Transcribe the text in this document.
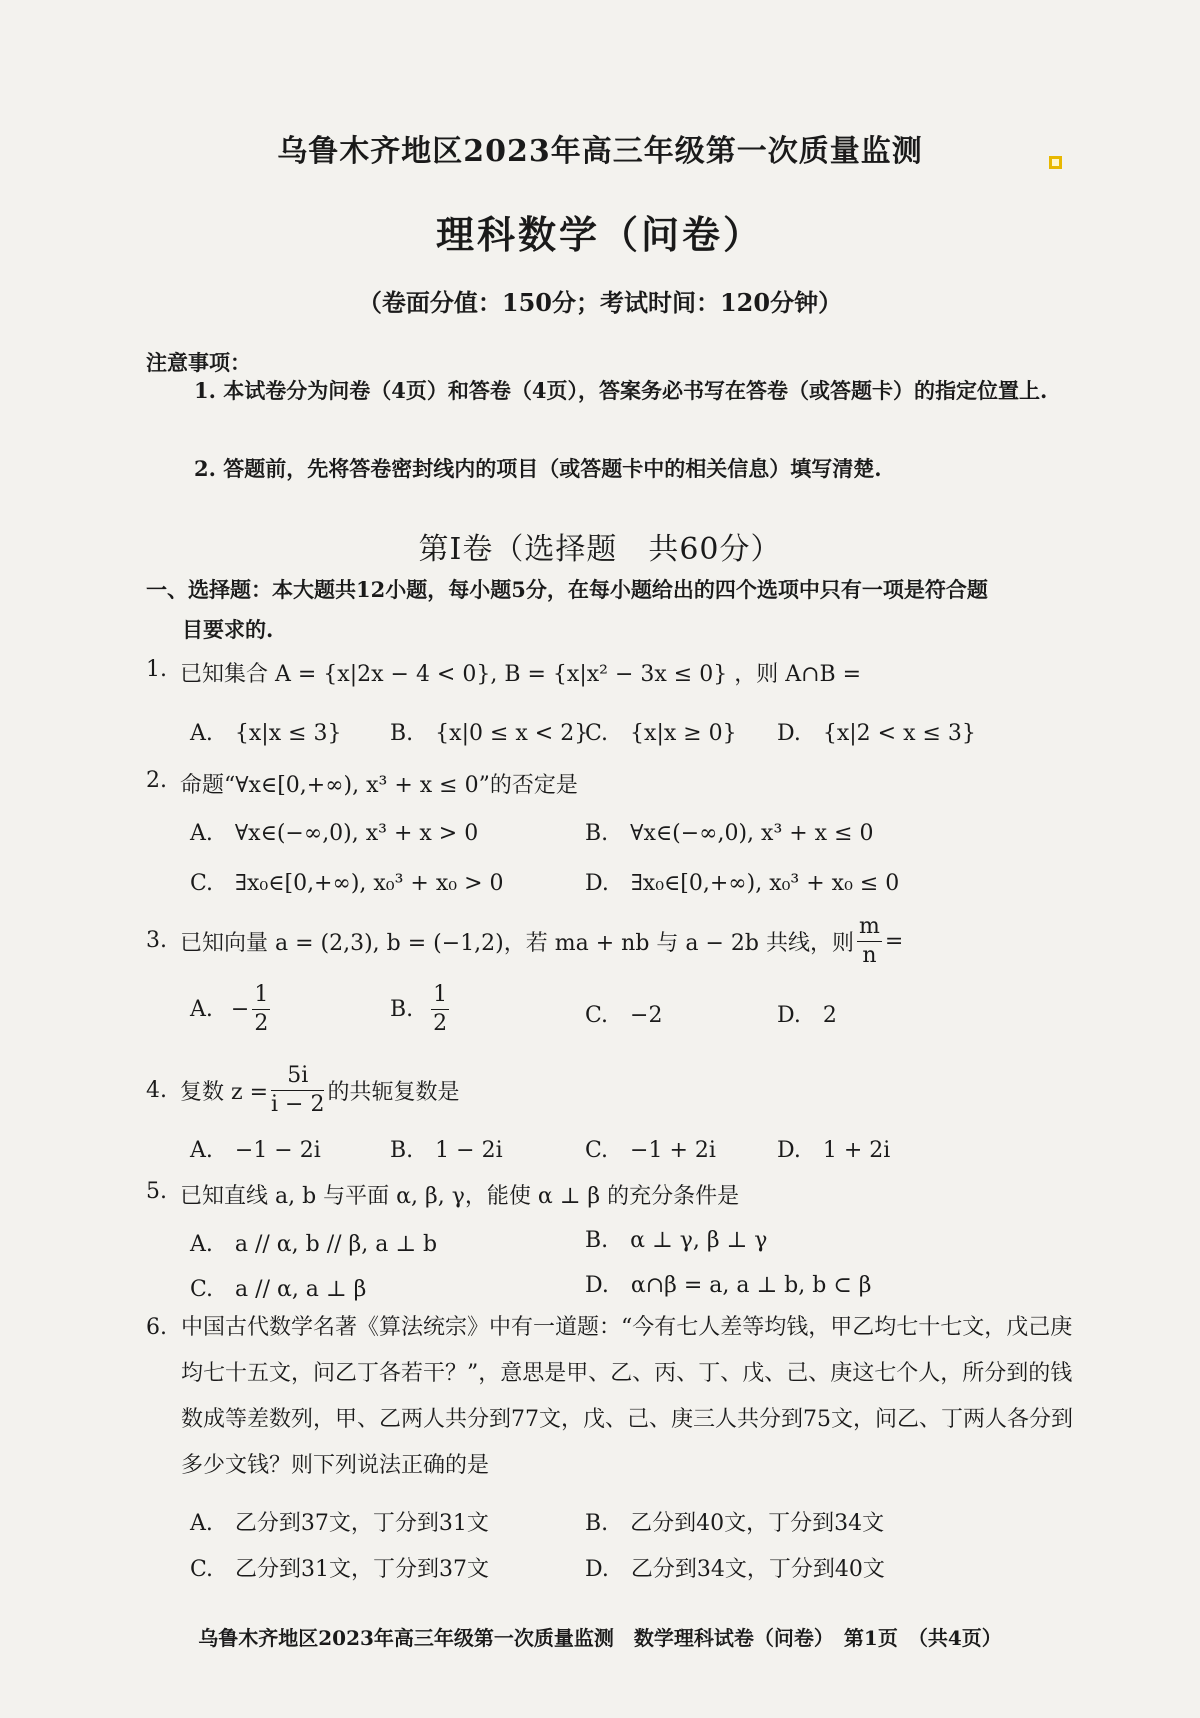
乌鲁木齐地区2023年高三年级第一次质量监测
理科数学（问卷）
（卷面分值：150分；考试时间：120分钟）
注意事项：
1. 本试卷分为问卷（4页）和答卷（4页），答案务必书写在答卷（或答题卡）的指定位置上.
2. 答题前，先将答卷密封线内的项目（或答题卡中的相关信息）填写清楚.
第Ⅰ卷（选择题　共60分）
一、选择题：本大题共12小题，每小题5分，在每小题给出的四个选项中只有一项是符合题
目要求的.
1. 已知集合 A = {x|2x − 4 < 0}, B = {x|x² − 3x ≤ 0} ，则 A∩B =
A.　{x|x ≤ 3} B.　{x|0 ≤ x < 2}
C.　{x|x ≥ 0} D.　{x|2 < x ≤ 3}
2. 命题“∀x∈[0,+∞), x³ + x ≤ 0”的否定是
A.　∀x∈(−∞,0), x³ + x > 0	B.　∀x∈(−∞,0), x³ + x ≤ 0
C.　∃x₀∈[0,+∞), x₀³ + x₀ > 0	D.　∃x₀∈[0,+∞), x₀³ + x₀ ≤ 0
3. 已知向量 a = (2,3), b = (−1,2)，若 ma + nb 与 a − 2b 共线，则 $\frac{m}{n}$ =
A. − $\frac{1}{2}$	B. $\frac{1}{2}$	C.　−2	D.　2
4. 复数 $z = \frac{5i}{i - 2}$ 的共轭复数是
A.　−1 − 2i	B.　1 − 2i	C.　−1 + 2i	D.　1 + 2i
5. 已知直线 a, b 与平面 α, β, γ，能使 α ⊥ β 的充分条件是
A.　a // α, b // β, a ⊥ b	B.　α ⊥ γ, β ⊥ γ
C.　a // α, a ⊥ β	D.　α∩β = a, a ⊥ b, b ⊂ β
6. 中国古代数学名著《算法统宗》中有一道题：“今有七人差等均钱，甲乙均七十七文，戊己庚均七十五文，问乙丁各若干？”，意思是甲、乙、丙、丁、戊、己、庚这七个人，所分到的钱数成等差数列，甲、乙两人共分到77文，戊、己、庚三人共分到75文，问乙、丁两人各分到多少文钱？则下列说法正确的是
A.　乙分到37文，丁分到31文	B.　乙分到40文，丁分到34文
C.　乙分到31文，丁分到37文	D.　乙分到34文，丁分到40文
乌鲁木齐地区2023年高三年级第一次质量监测　数学理科试卷（问卷）　第1页　（共4页）
